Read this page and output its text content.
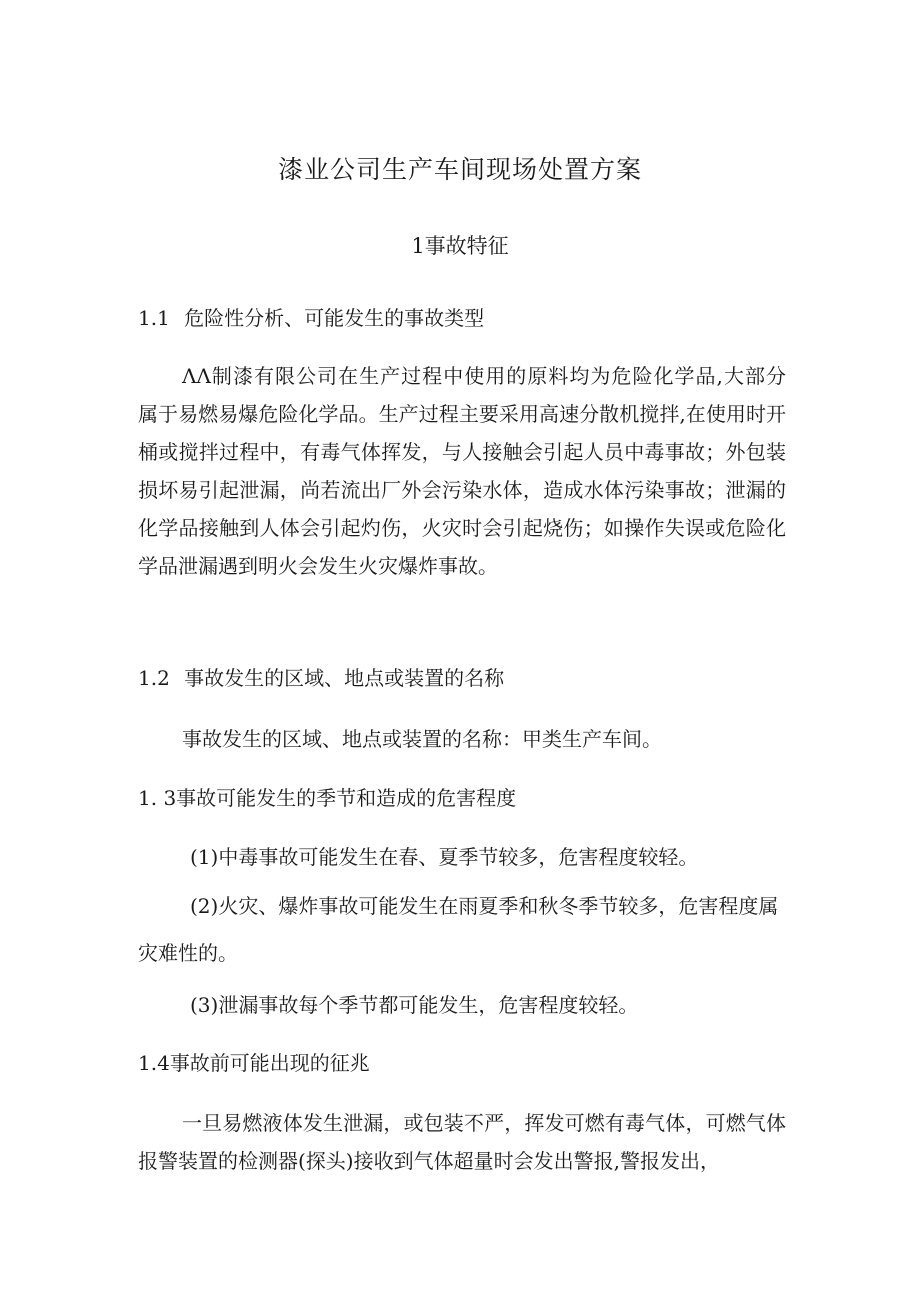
漆业公司生产车间现场处置方案
1事故特征
1.1 危险性分析、可能发生的事故类型
ΛΛ制漆有限公司在生产过程中使用的原料均为危险化学品,大部分
属于易燃易爆危险化学品。生产过程主要采用高速分散机搅拌,在使用时开
桶或搅拌过程中，有毒气体挥发，与人接触会引起人员中毒事故；外包装
损坏易引起泄漏，尚若流出厂外会污染水体，造成水体污染事故；泄漏的
化学品接触到人体会引起灼伤，火灾时会引起烧伤；如操作失误或危险化
学品泄漏遇到明火会发生火灾爆炸事故。
1.2 事故发生的区域、地点或装置的名称
事故发生的区域、地点或装置的名称：甲类生产车间。
1. 3事故可能发生的季节和造成的危害程度
(1)中毒事故可能发生在春、夏季节较多，危害程度较轻。
(2)火灾、爆炸事故可能发生在雨夏季和秋冬季节较多，危害程度属
灾难性的。
(3)泄漏事故每个季节都可能发生，危害程度较轻。
1.4事故前可能出现的征兆
一旦易燃液体发生泄漏，或包装不严，挥发可燃有毒气体，可燃气体
报警装置的检测器(探头)接收到气体超量时会发出警报,警报发出，
